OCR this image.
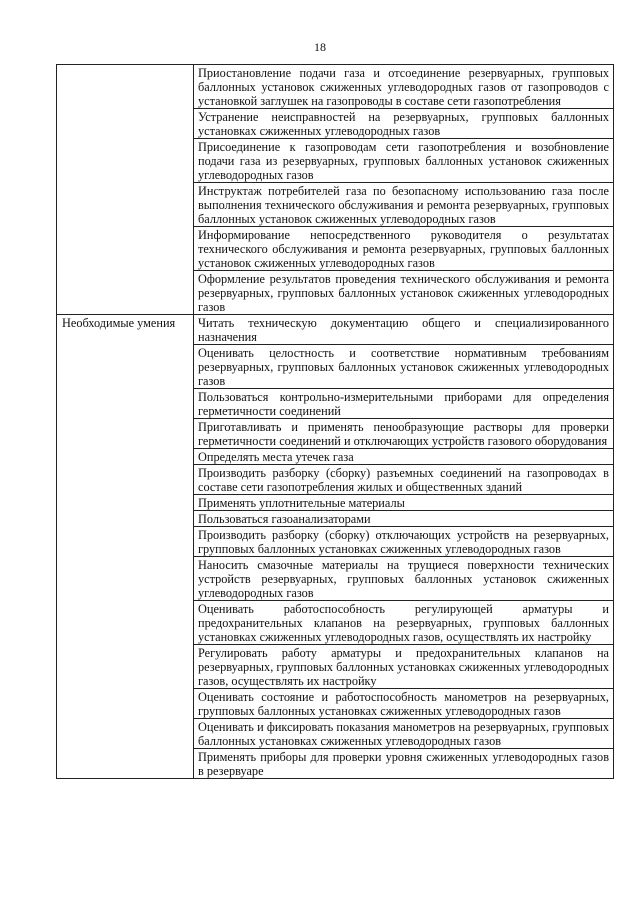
18
	Приостановление подачи газа и отсоединение резервуарных, групповых баллонных установок сжиженных углеводородных газов от газопроводов с установкой заглушек на газопроводы в составе сети газопотребления
	Устранение неисправностей на резервуарных, групповых баллонных установках сжиженных углеводородных газов
	Присоединение к газопроводам сети газопотребления и возобновление подачи газа из резервуарных, групповых баллонных установок сжиженных углеводородных газов
	Инструктаж потребителей газа по безопасному использованию газа после выполнения технического обслуживания и ремонта резервуарных, групповых баллонных установок сжиженных углеводородных газов
	Информирование непосредственного руководителя о результатах технического обслуживания и ремонта резервуарных, групповых баллонных установок сжиженных углеводородных газов
	Оформление результатов проведения технического обслуживания и ремонта резервуарных, групповых баллонных установок сжиженных углеводородных газов
Необходимые умения	Читать техническую документацию общего и специализированного назначения
	Оценивать целостность и соответствие нормативным требованиям резервуарных, групповых баллонных установок сжиженных углеводородных газов
	Пользоваться контрольно-измерительными приборами для определения герметичности соединений
	Приготавливать и применять пенообразующие растворы для проверки герметичности соединений и отключающих устройств газового оборудования
	Определять места утечек газа
	Производить разборку (сборку) разъемных соединений на газопроводах в составе сети газопотребления жилых и общественных зданий
	Применять уплотнительные материалы
	Пользоваться газоанализаторами
	Производить разборку (сборку) отключающих устройств на резервуарных, групповых баллонных установках сжиженных углеводородных газов
	Наносить смазочные материалы на трущиеся поверхности технических устройств резервуарных, групповых баллонных установок сжиженных углеводородных газов
	Оценивать работоспособность регулирующей арматуры и предохранительных клапанов на резервуарных, групповых баллонных установках сжиженных углеводородных газов, осуществлять их настройку
	Регулировать работу арматуры и предохранительных клапанов на резервуарных, групповых баллонных установках сжиженных углеводородных газов, осуществлять их настройку
	Оценивать состояние и работоспособность манометров на резервуарных, групповых баллонных установках сжиженных углеводородных газов
	Оценивать и фиксировать показания манометров на резервуарных, групповых баллонных установках сжиженных углеводородных газов
	Применять приборы для проверки уровня сжиженных углеводородных газов в резервуаре
